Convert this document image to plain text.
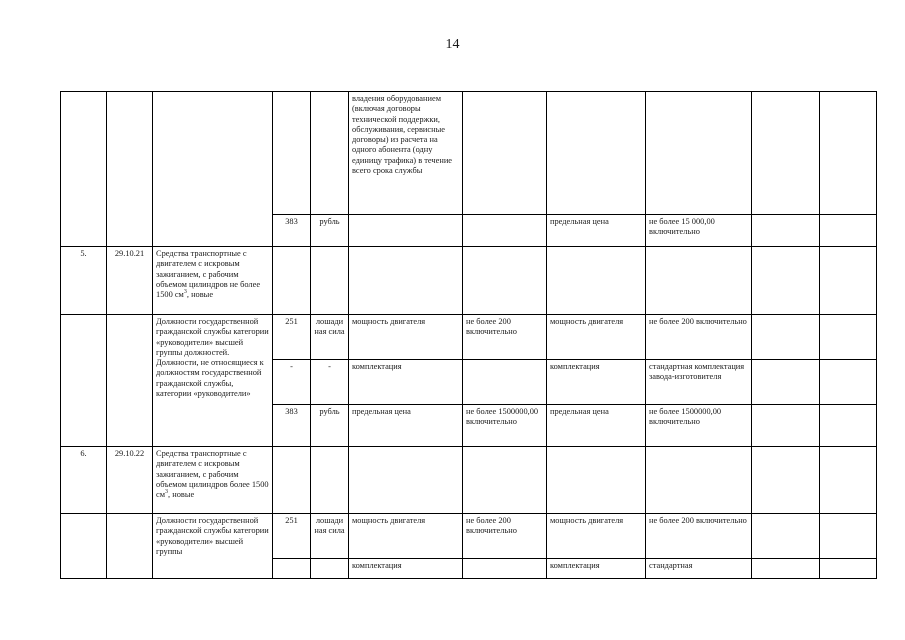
14
					владения оборудованием (включая договоры технической поддержки, обслуживания, сервисные договоры) из расчета на одного абонента (одну единицу трафика) в течение всего срока службы					
			383	рубль			предельная цена	не более 15 000,00 включительно		
5.	29.10.21	Средства транспортные с двигателем с искровым зажиганием, с рабочим объемом цилиндров не более 1500 $см^3$, новые								
		Должности государственной гражданской службы категории «руководители» высшей группы должностей. Должности, не относящиеся к должностям государственной гражданской службы, категории «руководители»	251	лошадиная сила	мощность двигателя	не более 200 включительно	мощность двигателя	не более 200 включительно		
			-	-	комплектация		комплектация	стандартная комплектация завода-изготовителя		
			383	рубль	предельная цена	не более 1500000,00 включительно	предельная цена	не более 1500000,00 включительно		
6.	29.10.22	Средства транспортные с двигателем с искровым зажиганием, с рабочим объемом цилиндров более 1500 $см^3$, новые								
		Должности государственной гражданской службы категории «руководители» высшей группы	251	лошадиная сила	мощность двигателя	не более 200 включительно	мощность двигателя	не более 200 включительно		
					комплектация		комплектация	стандартная		
